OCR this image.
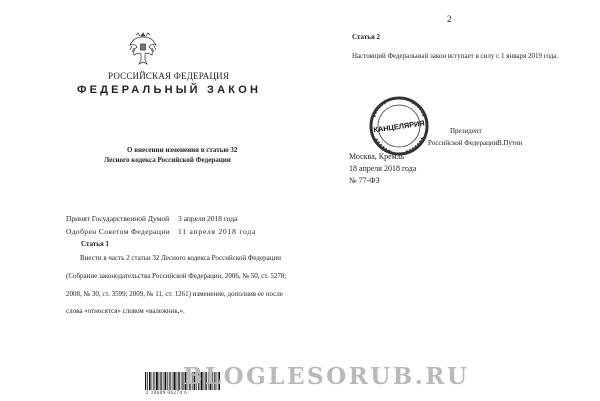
РОССИЙСКАЯ ФЕДЕРАЦИЯ
ФЕДЕРАЛЬНЫЙ ЗАКОН
О внесении изменения в статью 32
Лесного кодекса Российской Федерации
Принят Государственной Думой 3 апреля 2018 года
Одобрен Советом Федерации 11 апреля 2018 года
Статья 1
Внести в часть 2 статьи 32 Лесного кодекса Российской Федерации
(Собрание законодательства Российской Федерации, 2006, № 50, ст. 5278;
2008, № 30, ст. 3599; 2009, № 11, ст. 1261) изменение, дополнив ее после
слова «относятся» словом «валежник,».
2 10609 06274 6
2
Статья 2
Настоящий Федеральный закон вступает в силу с 1 января 2019 года.
КАНЦЕЛЯРИЯ	Президент
Российской Федерации В.Путин
Москва, Кремль
18 апреля 2018 года
№ 77-ФЗ
BLOGLESORUB.RU
